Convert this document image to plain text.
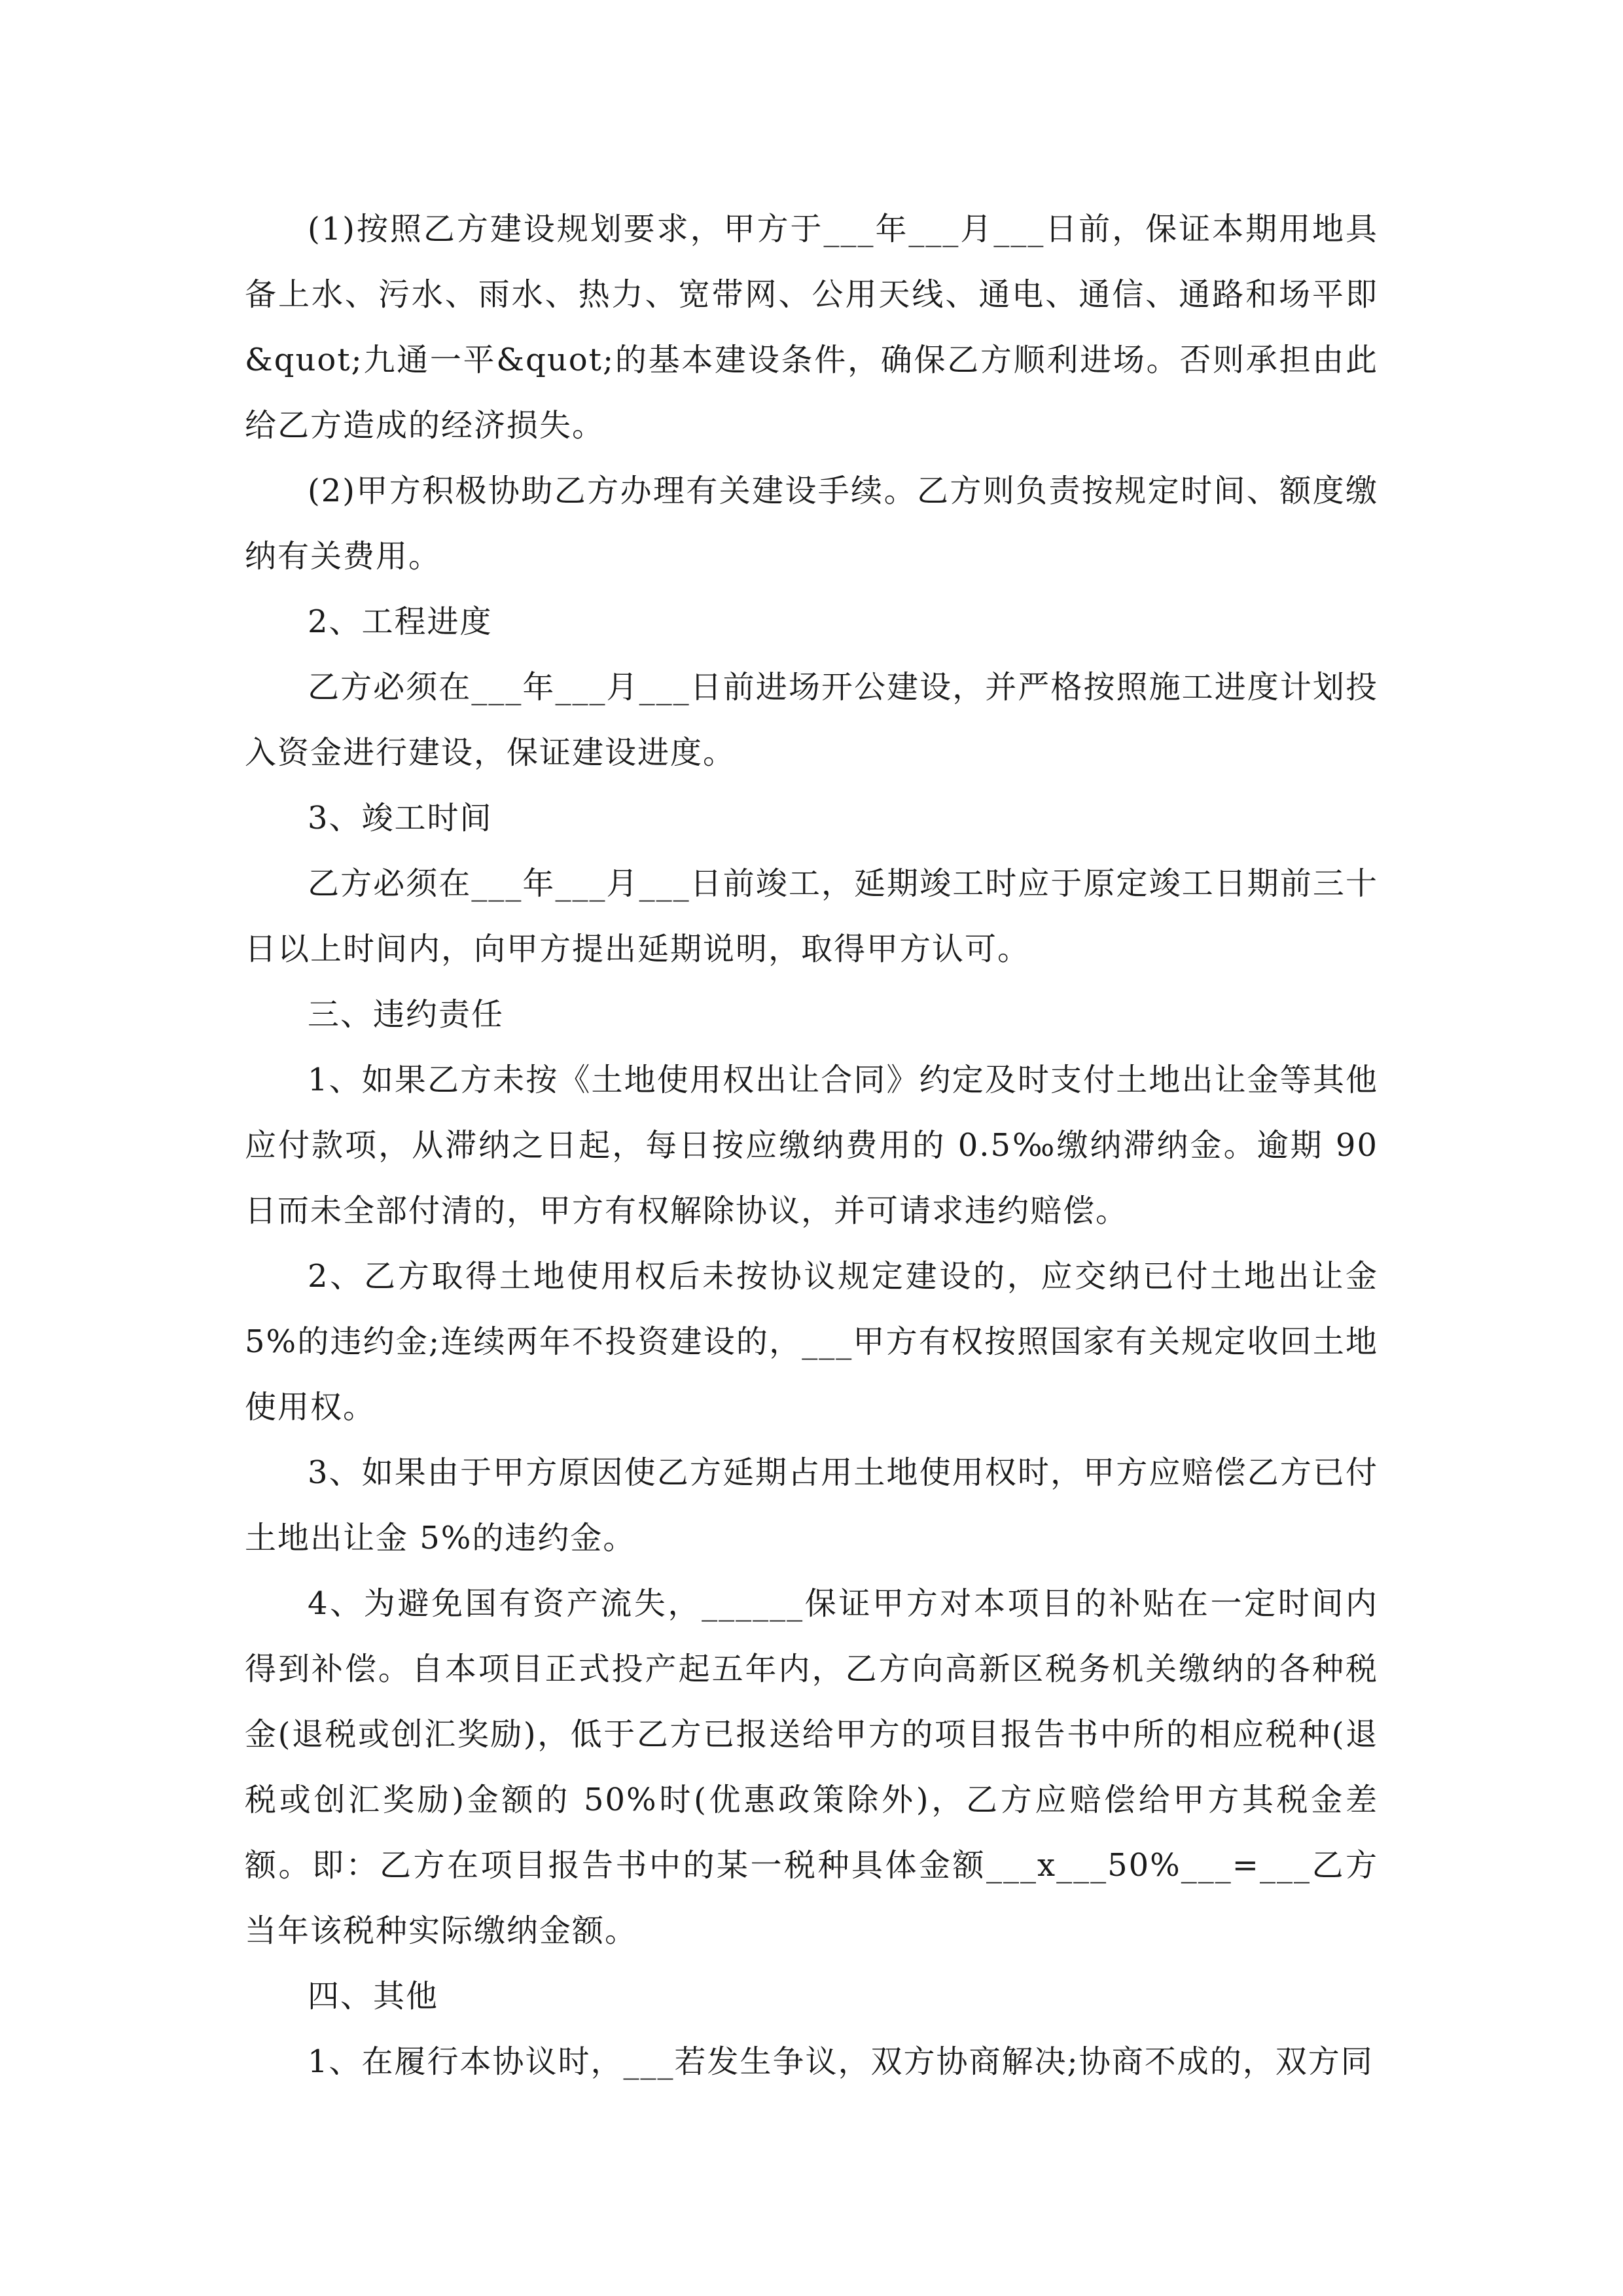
(1)按照乙方建设规划要求，甲方于___年___月___日前，保证本期用地具备上水、污水、雨水、热力、宽带网、公用天线、通电、通信、通路和场平即&quot;九通一平&quot;的基本建设条件，确保乙方顺利进场。否则承担由此给乙方造成的经济损失。

(2)甲方积极协助乙方办理有关建设手续。乙方则负责按规定时间、额度缴纳有关费用。

2、工程进度

乙方必须在___年___月___日前进场开公建设，并严格按照施工进度计划投入资金进行建设，保证建设进度。

3、竣工时间

乙方必须在___年___月___日前竣工，延期竣工时应于原定竣工日期前三十日以上时间内，向甲方提出延期说明，取得甲方认可。

三、违约责任

1、如果乙方未按《土地使用权出让合同》约定及时支付土地出让金等其他应付款项，从滞纳之日起，每日按应缴纳费用的 0.5‰缴纳滞纳金。逾期 90 日而未全部付清的，甲方有权解除协议，并可请求违约赔偿。

2、乙方取得土地使用权后未按协议规定建设的，应交纳已付土地出让金 5%的违约金;连续两年不投资建设的，___甲方有权按照国家有关规定收回土地使用权。

3、如果由于甲方原因使乙方延期占用土地使用权时，甲方应赔偿乙方已付土地出让金 5%的违约金。

4、为避免国有资产流失，______保证甲方对本项目的补贴在一定时间内得到补偿。自本项目正式投产起五年内，乙方向高新区税务机关缴纳的各种税金(退税或创汇奖励)，低于乙方已报送给甲方的项目报告书中所的相应税种(退税或创汇奖励)金额的 50%时(优惠政策除外)，乙方应赔偿给甲方其税金差额。即：乙方在项目报告书中的某一税种具体金额___x___50%___=___乙方当年该税种实际缴纳金额。

四、其他

1、在履行本协议时，___若发生争议，双方协商解决;协商不成的，双方同
